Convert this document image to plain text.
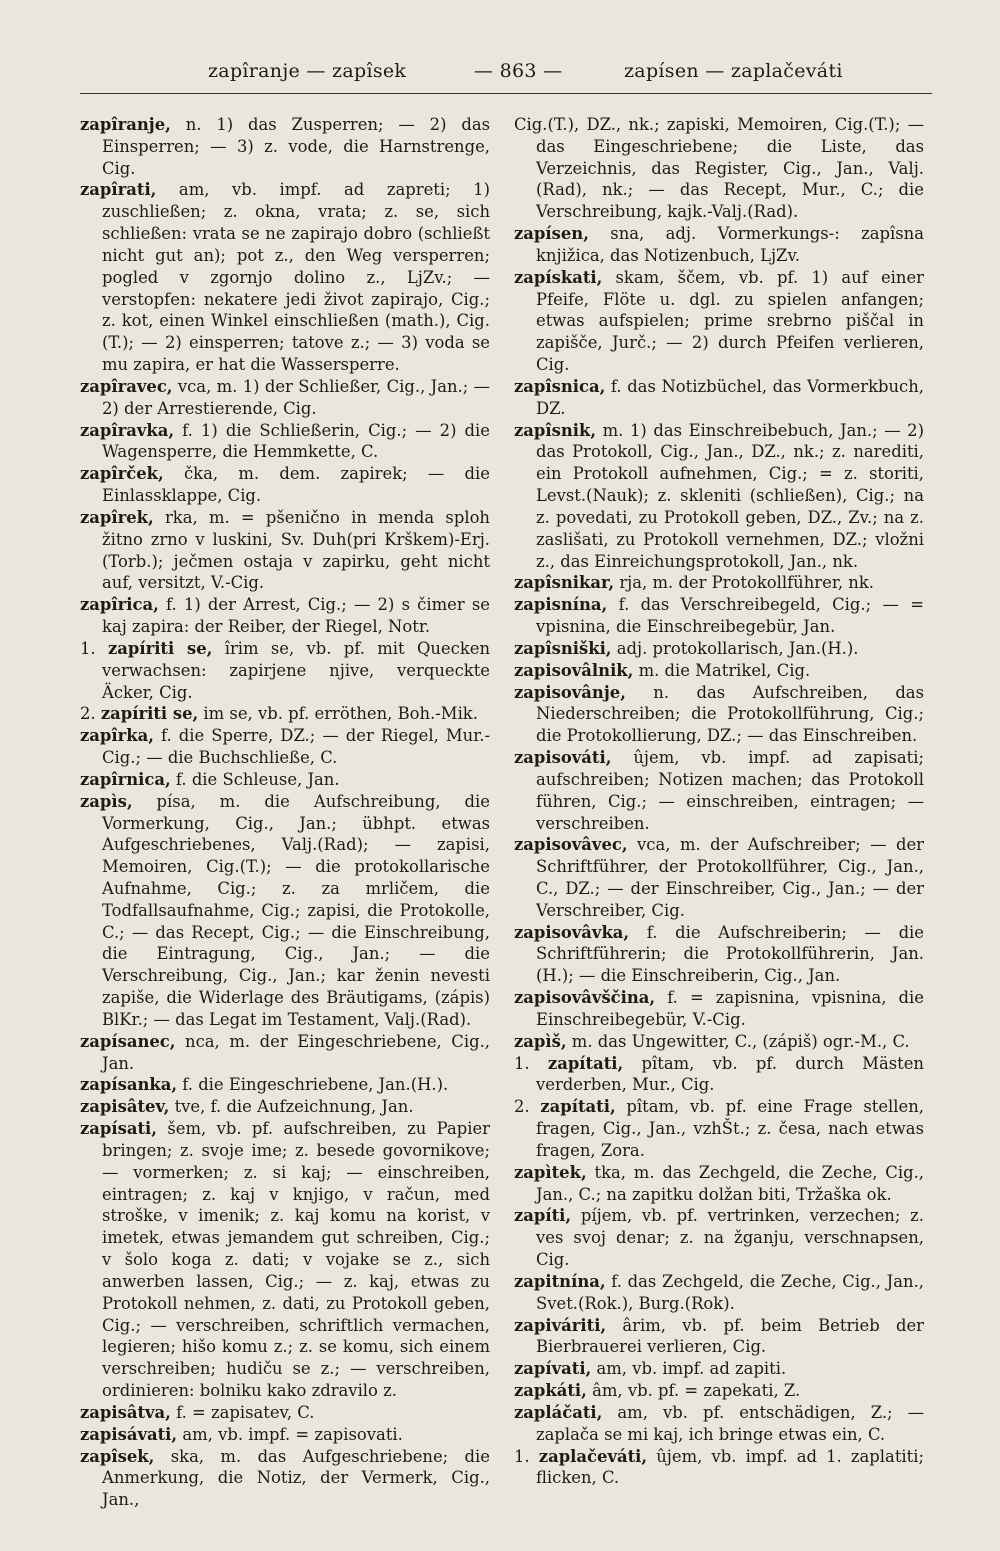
zapîranje — zapîsek	— 863 —	zapísen — zaplačeváti

zapîranje, n. 1) das Zusperren; — 2) das Einsperren; — 3) z. vode, die Harnstrenge, Cig.

zapîrati, am, vb. impf. ad zapreti; 1) zuschließen; z. okna, vrata; z. se, sich schließen: vrata se ne zapirajo dobro (schließt nicht gut an); pot z., den Weg versperren; pogled v zgornjo dolino z., LjZv.; — verstopfen: nekatere jedi život zapirajo, Cig.; z. kot, einen Winkel einschließen (math.), Cig.(T.); — 2) einsperren; tatove z.; — 3) voda se mu zapira, er hat die Wassersperre.

zapîravec, vca, m. 1) der Schließer, Cig., Jan.; — 2) der Arrestierende, Cig.

zapîravka, f. 1) die Schließerin, Cig.; — 2) die Wagensperre, die Hemmkette, C.

zapîrček, čka, m. dem. zapirek; — die Einlassklappe, Cig.

zapîrek, rka, m. = pšenično in menda sploh žitno zrno v luskini, Sv. Duh(pri Krškem)-Erj.(Torb.); ječmen ostaja v zapirku, geht nicht auf, versitzt, V.-Cig.

zapîrica, f. 1) der Arrest, Cig.; — 2) s čimer se kaj zapira: der Reiber, der Riegel, Notr.

1. zapíriti se, îrim se, vb. pf. mit Quecken verwachsen: zapirjene njive, verqueckte Äcker, Cig.

2. zapíriti se, im se, vb. pf. erröthen, Boh.-Mik.

zapîrka, f. die Sperre, DZ.; — der Riegel, Mur.-Cig.; — die Buchschließe, C.

zapîrnica, f. die Schleuse, Jan.

zapìs, písa, m. die Aufschreibung, die Vormerkung, Cig., Jan.; übhpt. etwas Aufgeschriebenes, Valj.(Rad); — zapisi, Memoiren, Cig.(T.); — die protokollarische Aufnahme, Cig.; z. za mrličem, die Todfallsaufnahme, Cig.; zapisi, die Protokolle, C.; — das Recept, Cig.; — die Einschreibung, die Eintragung, Cig., Jan.; — die Verschreibung, Cig., Jan.; kar ženin nevesti zapiše, die Widerlage des Bräutigams, (zápis) BlKr.; — das Legat im Testament, Valj.(Rad).

zapísanec, nca, m. der Eingeschriebene, Cig., Jan.

zapísanka, f. die Eingeschriebene, Jan.(H.).

zapisâtev, tve, f. die Aufzeichnung, Jan.

zapísati, šem, vb. pf. aufschreiben, zu Papier bringen; z. svoje ime; z. besede govornikove; — vormerken; z. si kaj; — einschreiben, eintragen; z. kaj v knjigo, v račun, med stroške, v imenik; z. kaj komu na korist, v imetek, etwas jemandem gut schreiben, Cig.; v šolo koga z. dati; v vojake se z., sich anwerben lassen, Cig.; — z. kaj, etwas zu Protokoll nehmen, z. dati, zu Protokoll geben, Cig.; — verschreiben, schriftlich vermachen, legieren; hišo komu z.; z. se komu, sich einem verschreiben; hudiču se z.; — verschreiben, ordinieren: bolniku kako zdravilo z.

zapisâtva, f. = zapisatev, C.

zapisávati, am, vb. impf. = zapisovati.

zapîsek, ska, m. das Aufgeschriebene; die Anmerkung, die Notiz, der Vermerk, Cig., Jan.,

Cig.(T.), DZ., nk.; zapiski, Memoiren, Cig.(T.); — das Eingeschriebene; die Liste, das Verzeichnis, das Register, Cig., Jan., Valj.(Rad), nk.; — das Recept, Mur., C.; die Verschreibung, kajk.-Valj.(Rad).

zapísen, sna, adj. Vormerkungs-: zapîsna knjižica, das Notizenbuch, LjZv.

zapískati, skam, ščem, vb. pf. 1) auf einer Pfeife, Flöte u. dgl. zu spielen anfangen; etwas aufspielen; prime srebrno piščal in zapišče, Jurč.; — 2) durch Pfeifen verlieren, Cig.

zapîsnica, f. das Notizbüchel, das Vormerkbuch, DZ.

zapîsnik, m. 1) das Einschreibebuch, Jan.; — 2) das Protokoll, Cig., Jan., DZ., nk.; z. narediti, ein Protokoll aufnehmen, Cig.; = z. storiti, Levst.(Nauk); z. skleniti (schließen), Cig.; na z. povedati, zu Protokoll geben, DZ., Zv.; na z. zaslišati, zu Protokoll vernehmen, DZ.; vložni z., das Einreichungsprotokoll, Jan., nk.

zapîsnikar, rja, m. der Protokollführer, nk.

zapisnína, f. das Verschreibegeld, Cig.; — = vpisnina, die Einschreibegebür, Jan.

zapîsniški, adj. protokollarisch, Jan.(H.).

zapisovâlnik, m. die Matrikel, Cig.

zapisovânje, n. das Aufschreiben, das Niederschreiben; die Protokollführung, Cig.; die Protokollierung, DZ.; — das Einschreiben.

zapisováti, ûjem, vb. impf. ad zapisati; aufschreiben; Notizen machen; das Protokoll führen, Cig.; — einschreiben, eintragen; — verschreiben.

zapisovâvec, vca, m. der Aufschreiber; — der Schriftführer, der Protokollführer, Cig., Jan., C., DZ.; — der Einschreiber, Cig., Jan.; — der Verschreiber, Cig.

zapisovâvka, f. die Aufschreiberin; — die Schriftführerin; die Protokollführerin, Jan.(H.); — die Einschreiberin, Cig., Jan.

zapisovâvščina, f. = zapisnina, vpisnina, die Einschreibegebür, V.-Cig.

zapìš, m. das Ungewitter, C., (zápiš) ogr.-M., C.

1. zapítati, pîtam, vb. pf. durch Mästen verderben, Mur., Cig.

2. zapítati, pîtam, vb. pf. eine Frage stellen, fragen, Cig., Jan., vzhŠt.; z. česa, nach etwas fragen, Zora.

zapìtek, tka, m. das Zechgeld, die Zeche, Cig., Jan., C.; na zapitku dolžan biti, Tržaška ok.

zapíti, píjem, vb. pf. vertrinken, verzechen; z. ves svoj denar; z. na žganju, verschnapsen, Cig.

zapitnína, f. das Zechgeld, die Zeche, Cig., Jan., Svet.(Rok.), Burg.(Rok).

zapiváriti, ârim, vb. pf. beim Betrieb der Bierbrauerei verlieren, Cig.

zapívati, am, vb. impf. ad zapiti.

zapkáti, âm, vb. pf. = zapekati, Z.

zapláčati, am, vb. pf. entschädigen, Z.; — zaplača se mi kaj, ich bringe etwas ein, C.

1. zaplačeváti, ûjem, vb. impf. ad 1. zaplatiti; flicken, C.
